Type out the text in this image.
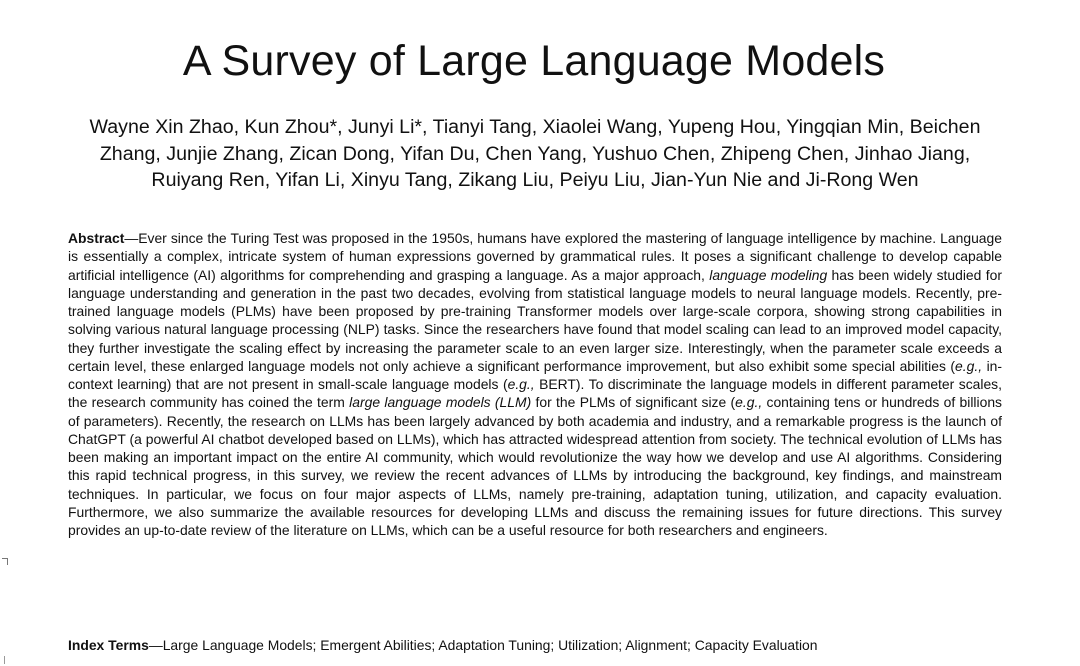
A Survey of Large Language Models

Wayne Xin Zhao, Kun Zhou*, Junyi Li*, Tianyi Tang, Xiaolei Wang, Yupeng Hou, Yingqian Min, Beichen
Zhang, Junjie Zhang, Zican Dong, Yifan Du, Chen Yang, Yushuo Chen, Zhipeng Chen, Jinhao Jiang,
Ruiyang Ren, Yifan Li, Xinyu Tang, Zikang Liu, Peiyu Liu, Jian-Yun Nie and Ji-Rong Wen

Abstract—Ever since the Turing Test was proposed in the 1950s, humans have explored the mastering of language intelligence by machine. Language is essentially a complex, intricate system of human expressions governed by grammatical rules. It poses a significant challenge to develop capable artificial intelligence (AI) algorithms for comprehending and grasping a language. As a major approach, language modeling has been widely studied for language understanding and generation in the past two decades, evolving from statistical language models to neural language models. Recently, pre-trained language models (PLMs) have been proposed by pre-training Transformer models over large-scale corpora, showing strong capabilities in solving various natural language processing (NLP) tasks. Since the researchers have found that model scaling can lead to an improved model capacity, they further investigate the scaling effect by increasing the parameter scale to an even larger size. Interestingly, when the parameter scale exceeds a certain level, these enlarged language models not only achieve a significant performance improvement, but also exhibit some special abilities (e.g., in-context learning) that are not present in small-scale language models (e.g., BERT). To discriminate the language models in different parameter scales, the research community has coined the term large language models (LLM) for the PLMs of significant size (e.g., containing tens or hundreds of billions of parameters). Recently, the research on LLMs has been largely advanced by both academia and industry, and a remarkable progress is the launch of ChatGPT (a powerful AI chatbot developed based on LLMs), which has attracted widespread attention from society. The technical evolution of LLMs has been making an important impact on the entire AI community, which would revolutionize the way how we develop and use AI algorithms. Considering this rapid technical progress, in this survey, we review the recent advances of LLMs by introducing the background, key findings, and mainstream techniques. In particular, we focus on four major aspects of LLMs, namely pre-training, adaptation tuning, utilization, and capacity evaluation. Furthermore, we also summarize the available resources for developing LLMs and discuss the remaining issues for future directions. This survey provides an up-to-date review of the literature on LLMs, which can be a useful resource for both researchers and engineers.

Index Terms—Large Language Models; Emergent Abilities; Adaptation Tuning; Utilization; Alignment; Capacity Evaluation
